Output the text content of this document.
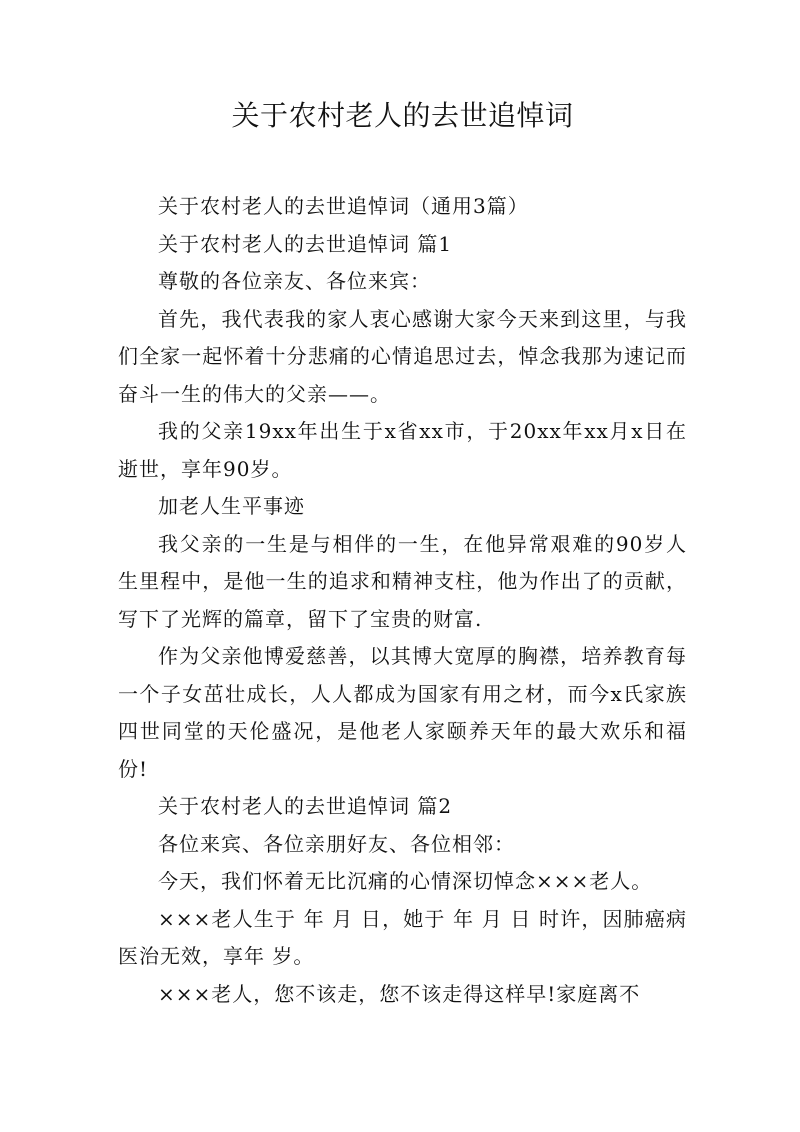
关于农村老人的去世追悼词

关于农村老人的去世追悼词（通用3篇）

关于农村老人的去世追悼词 篇1

尊敬的各位亲友、各位来宾：

首先，我代表我的家人衷心感谢大家今天来到这里，与我们全家一起怀着十分悲痛的心情追思过去，悼念我那为速记而奋斗一生的伟大的父亲——。

我的父亲19xx年出生于x省xx市，于20xx年xx月x日在逝世，享年90岁。

加老人生平事迹

我父亲的一生是与相伴的一生，在他异常艰难的90岁人生里程中，是他一生的追求和精神支柱，他为作出了的贡献，写下了光辉的篇章，留下了宝贵的财富.

作为父亲他博爱慈善，以其博大宽厚的胸襟，培养教育每一个子女茁壮成长，人人都成为国家有用之材，而今x氏家族四世同堂的天伦盛况，是他老人家颐养天年的最大欢乐和福份!

关于农村老人的去世追悼词 篇2

各位来宾、各位亲朋好友、各位相邻：

今天，我们怀着无比沉痛的心情深切悼念×××老人。

×××老人生于 年 月 日，她于 年 月 日 时许，因肺癌病医治无效，享年 岁。

×××老人，您不该走，您不该走得这样早!家庭离不
